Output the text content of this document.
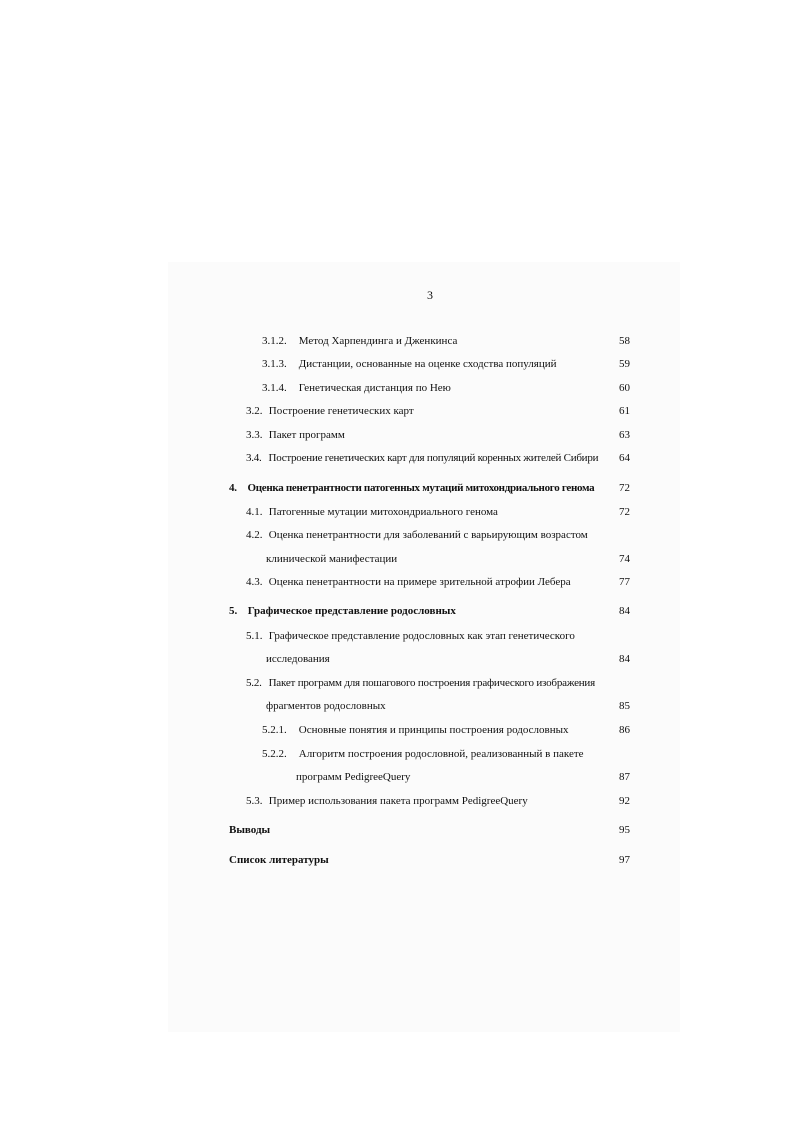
3
3.1.2. Метод Харпендинга и Дженкинса	58
3.1.3. Дистанции, основанные на оценке сходства популяций	59
3.1.4. Генетическая дистанция по Нею	60
3.2. Построение генетических карт	61
3.3. Пакет программ	63
3.4. Построение генетических карт для популяций коренных жителей Сибири	64
4. Оценка пенетрантности патогенных мутаций митохондриального генома	72
4.1. Патогенные мутации митохондриального генома	72
4.2. Оценка пенетрантности для заболеваний с варьирующим возрастом
клинической манифестации	74
4.3. Оценка пенетрантности на примере зрительной атрофии Лебера	77
5. Графическое представление родословных	84
5.1. Графическое представление родословных как этап генетического
исследования	84
5.2. Пакет программ для пошагового построения графического изображения
фрагментов родословных	85
5.2.1. Основные понятия и принципы построения родословных	86
5.2.2. Алгоритм построения родословной, реализованный в пакете
программ PedigreeQuery	87
5.3. Пример использования пакета программ PedigreeQuery	92
Выводы	95
Список литературы	97
